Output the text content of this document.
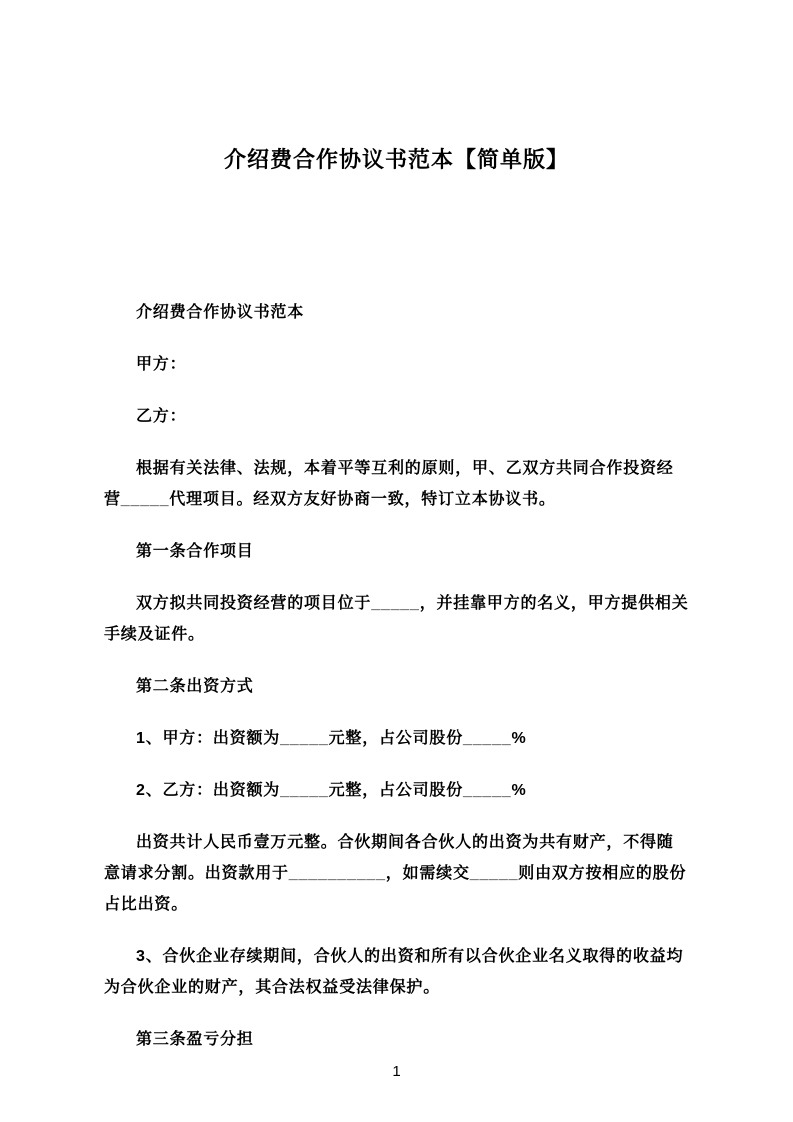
介绍费合作协议书范本【简单版】

介绍费合作协议书范本

甲方：

乙方：

根据有关法律、法规，本着平等互利的原则，甲、乙双方共同合作投资经营_____代理项目。经双方友好协商一致，特订立本协议书。

第一条合作项目

双方拟共同投资经营的项目位于_____，并挂靠甲方的名义，甲方提供相关手续及证件。

第二条出资方式

1、甲方：出资额为_____元整，占公司股份_____%

2、乙方：出资额为_____元整，占公司股份_____%

出资共计人民币壹万元整。合伙期间各合伙人的出资为共有财产，不得随意请求分割。出资款用于__________，如需续交_____则由双方按相应的股份占比出资。

3、合伙企业存续期间，合伙人的出资和所有以合伙企业名义取得的收益均为合伙企业的财产，其合法权益受法律保护。

第三条盈亏分担

1
